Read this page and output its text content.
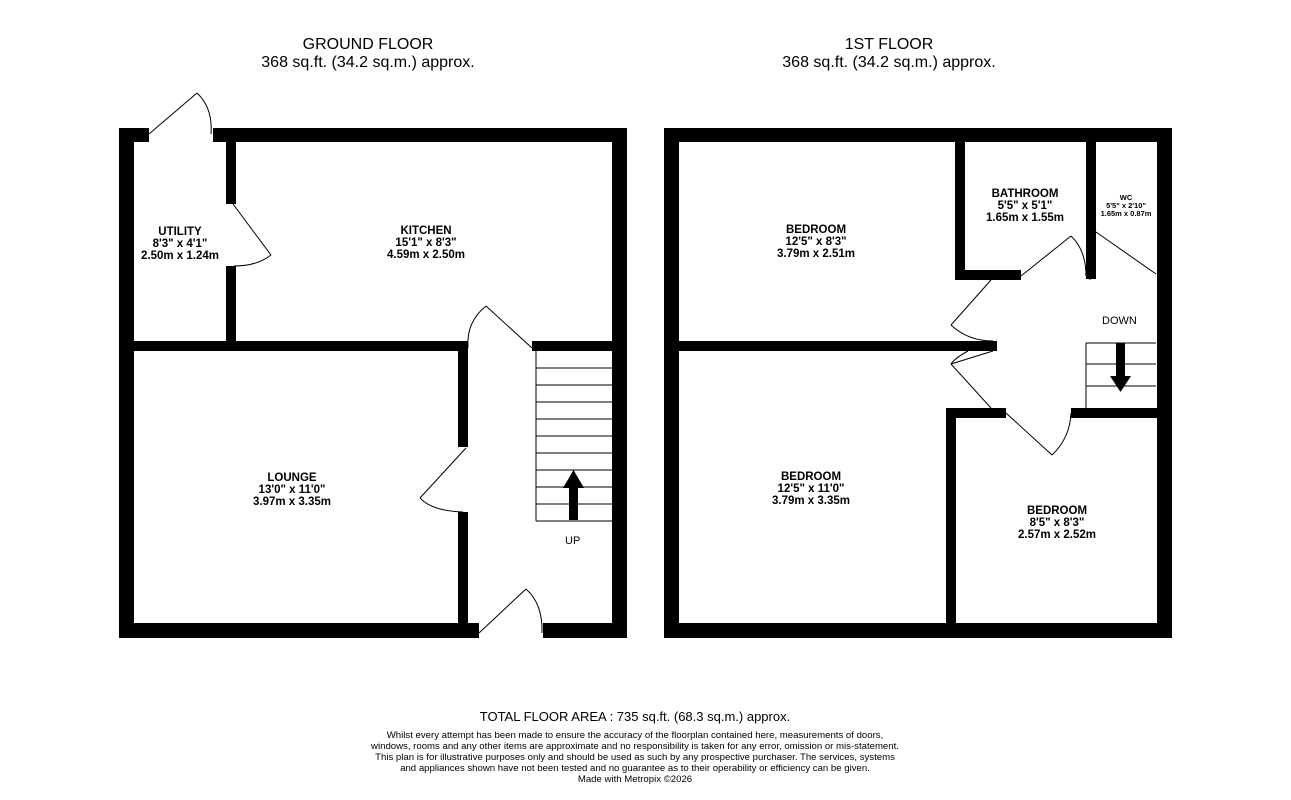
GROUND FLOOR
368 sq.ft. (34.2 sq.m.) approx.
1ST FLOOR
368 sq.ft. (34.2 sq.m.) approx.
UTILITY
8'3" x 4'1"
2.50m x 1.24m
KITCHEN
15'1" x 8'3"
4.59m x 2.50m
LOUNGE
13'0" x 11'0"
3.97m x 3.35m
UP
BEDROOM
12'5" x 8'3"
3.79m x 2.51m
BATHROOM
5'5" x 5'1"
1.65m x 1.55m
WC
5'5" x 2'10"
1.65m x 0.87m
DOWN
BEDROOM
12'5" x 11'0"
3.79m x 3.35m
BEDROOM
8'5" x 8'3"
2.57m x 2.52m
TOTAL FLOOR AREA : 735 sq.ft. (68.3 sq.m.) approx.
Whilst every attempt has been made to ensure the accuracy of the floorplan contained here, measurements of doors, windows, rooms and any other items are approximate and no responsibility is taken for any error, omission or mis-statement. This plan is for illustrative purposes only and should be used as such by any prospective purchaser. The services, systems and appliances shown have not been tested and no guarantee as to their operability or efficiency can be given.
Made with Metropix ©2026
